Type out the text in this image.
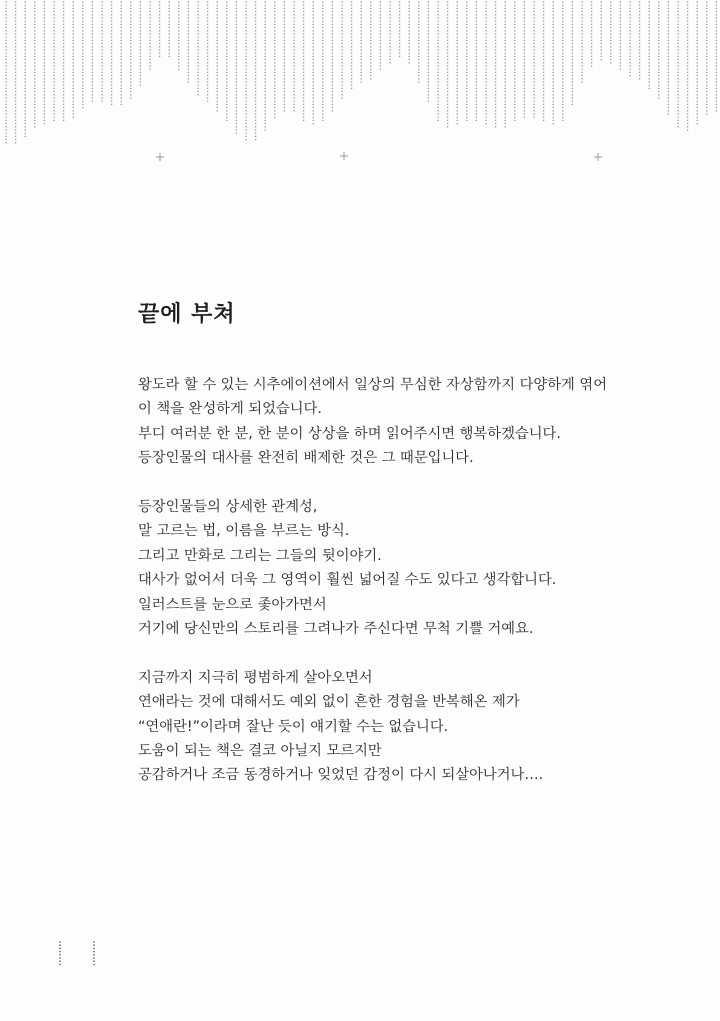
끝에 부쳐

왕도라 할 수 있는 시추에이션에서 일상의 무심한 자상함까지 다양하게 엮어
이 책을 완성하게 되었습니다.
부디 여러분 한 분, 한 분이 상상을 하며 읽어주시면 행복하겠습니다.
등장인물의 대사를 완전히 배제한 것은 그 때문입니다.

등장인물들의 상세한 관계성,
말 고르는 법, 이름을 부르는 방식.
그리고 만화로 그리는 그들의 뒷이야기.
대사가 없어서 더욱 그 영역이 훨씬 넓어질 수도 있다고 생각합니다.
일러스트를 눈으로 좇아가면서
거기에 당신만의 스토리를 그려나가 주신다면 무척 기쁠 거예요.

지금까지 지극히 평범하게 살아오면서
연애라는 것에 대해서도 예외 없이 흔한 경험을 반복해온 제가
“연애란!”이라며 잘난 듯이 얘기할 수는 없습니다.
도움이 되는 책은 결코 아닐지 모르지만
공감하거나 조금 동경하거나 잊었던 감정이 다시 되살아나거나….
